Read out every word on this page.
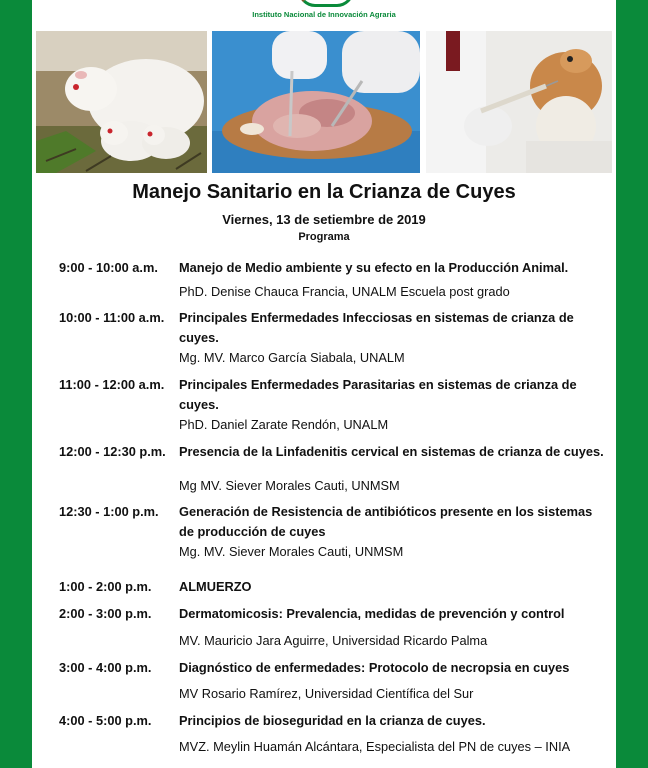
Instituto Nacional de Innovación Agraria
Manejo Sanitario en la Crianza de Cuyes
Viernes, 13 de setiembre de 2019
Programa
9:00 - 10:00 a.m. Manejo de Medio ambiente y su efecto en la Producción Animal.
PhD. Denise Chauca Francia, UNALM Escuela post grado
10:00 - 11:00 a.m. Principales Enfermedades Infecciosas en sistemas de crianza de cuyes.
Mg. MV. Marco García Siabala, UNALM
11:00 - 12:00 a.m. Principales Enfermedades Parasitarias en sistemas de crianza de cuyes.
PhD. Daniel Zarate Rendón, UNALM
12:00 - 12:30 p.m. Presencia de la Linfadenitis cervical en sistemas de crianza de cuyes.
Mg MV. Siever Morales Cauti, UNMSM
12:30 - 1:00 p.m. Generación de Resistencia de antibióticos presente en los sistemas de producción de cuyes
Mg. MV. Siever Morales Cauti, UNMSM
1:00 - 2:00 p.m. ALMUERZO
2:00 - 3:00 p.m. Dermatomicosis: Prevalencia, medidas de prevención y control
MV. Mauricio Jara Aguirre, Universidad Ricardo Palma
3:00 - 4:00 p.m. Diagnóstico de enfermedades: Protocolo de necropsia en cuyes
MV Rosario Ramírez, Universidad Científica del Sur
4:00 - 5:00 p.m. Principios de bioseguridad en la crianza de cuyes.
MVZ. Meylin Huamán Alcántara, Especialista del PN de cuyes – INIA
